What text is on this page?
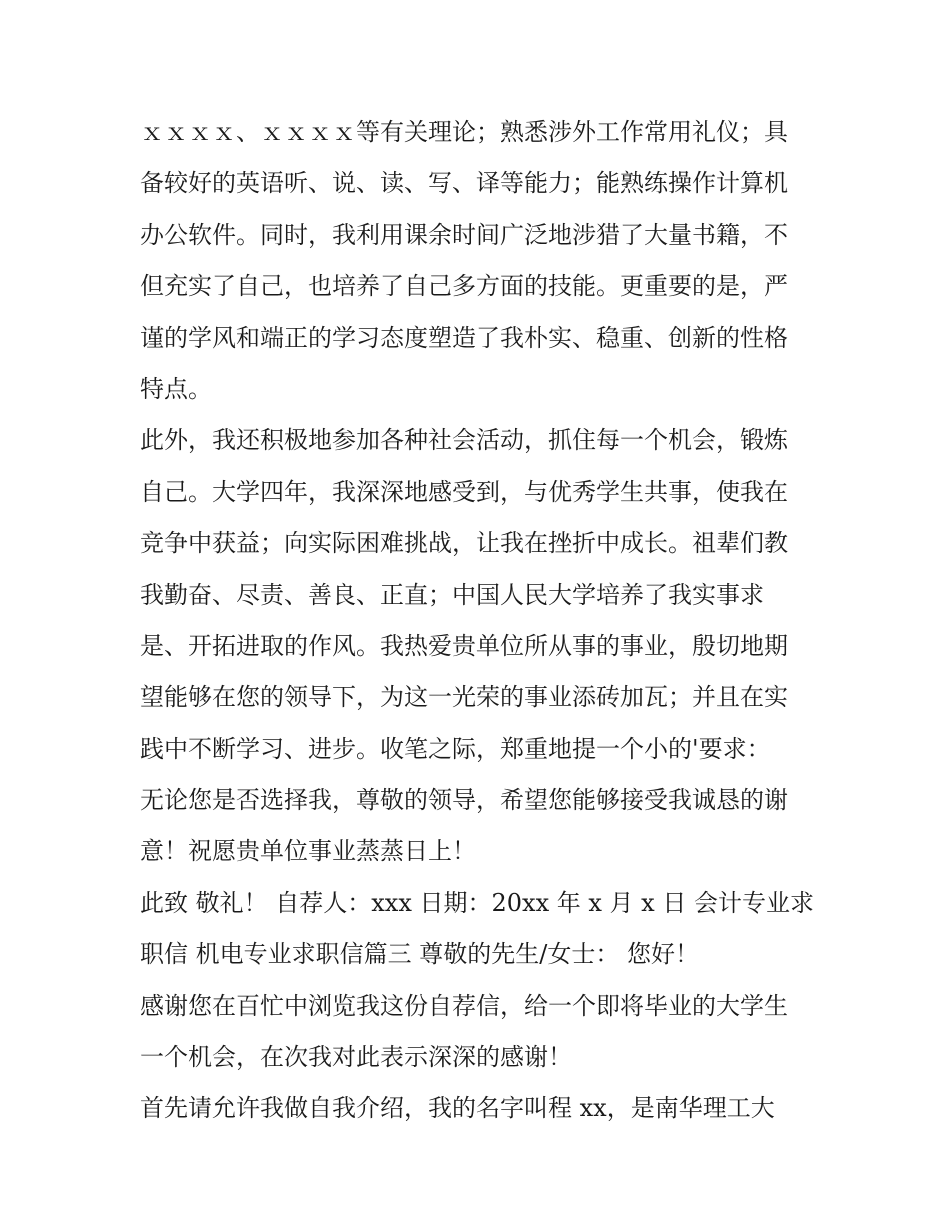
ｘｘｘｘ、ｘｘｘｘ等有关理论；熟悉涉外工作常用礼仪；具
备较好的英语听、说、读、写、译等能力；能熟练操作计算机
办公软件。同时，我利用课余时间广泛地涉猎了大量书籍，不
但充实了自己，也培养了自己多方面的技能。更重要的是，严
谨的学风和端正的学习态度塑造了我朴实、稳重、创新的性格
特点。
此外，我还积极地参加各种社会活动，抓住每一个机会，锻炼
自己。大学四年，我深深地感受到，与优秀学生共事，使我在
竞争中获益；向实际困难挑战，让我在挫折中成长。祖辈们教
我勤奋、尽责、善良、正直；中国人民大学培养了我实事求
是、开拓进取的作风。我热爱贵单位所从事的事业，殷切地期
望能够在您的领导下，为这一光荣的事业添砖加瓦；并且在实
践中不断学习、进步。收笔之际，郑重地提一个小的'要求：
无论您是否选择我，尊敬的领导，希望您能够接受我诚恳的谢
意！祝愿贵单位事业蒸蒸日上！
此致 敬礼！ 自荐人：xxx 日期：20xx 年 x 月 x 日 会计专业求
职信 机电专业求职信篇三 尊敬的先生/女士： 您好！
感谢您在百忙中浏览我这份自荐信，给一个即将毕业的大学生
一个机会，在次我对此表示深深的感谢！
首先请允许我做自我介绍，我的名字叫程 xx，是南华理工大
